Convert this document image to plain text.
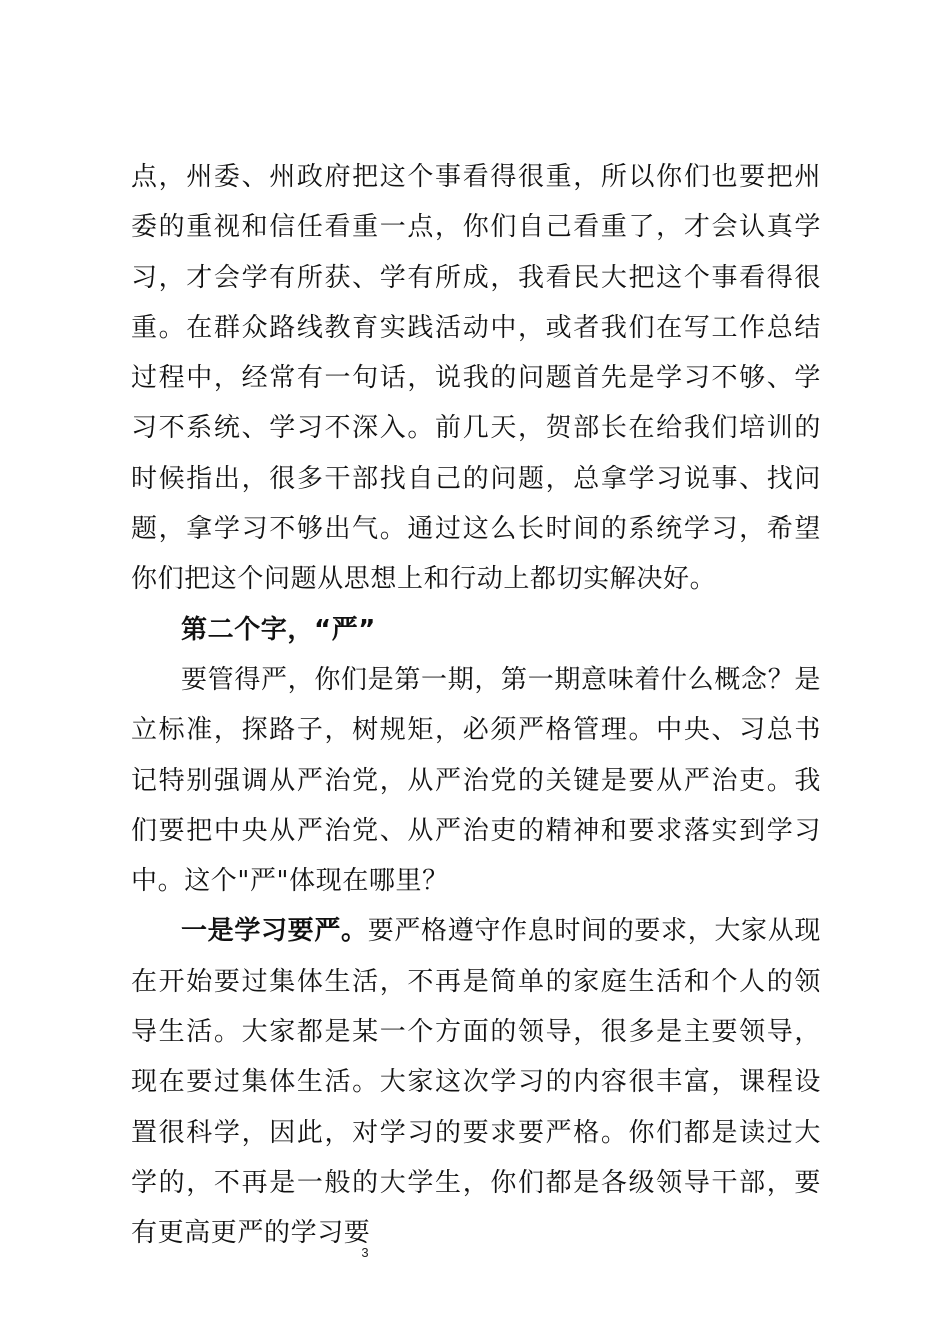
点，州委、州政府把这个事看得很重，所以你们也要把州委的重视和信任看重一点，你们自己看重了，才会认真学习，才会学有所获、学有所成，我看民大把这个事看得很重。在群众路线教育实践活动中，或者我们在写工作总结过程中，经常有一句话，说我的问题首先是学习不够、学习不系统、学习不深入。前几天，贺部长在给我们培训的时候指出，很多干部找自己的问题，总拿学习说事、找问题，拿学习不够出气。通过这么长时间的系统学习，希望你们把这个问题从思想上和行动上都切实解决好。

第二个字，“严”

要管得严，你们是第一期，第一期意味着什么概念？是立标准，探路子，树规矩，必须严格管理。中央、习总书记特别强调从严治党，从严治党的关键是要从严治吏。我们要把中央从严治党、从严治吏的精神和要求落实到学习中。这个"严"体现在哪里？

一是学习要严。要严格遵守作息时间的要求，大家从现在开始要过集体生活，不再是简单的家庭生活和个人的领导生活。大家都是某一个方面的领导，很多是主要领导，现在要过集体生活。大家这次学习的内容很丰富，课程设置很科学，因此，对学习的要求要严格。你们都是读过大学的，不再是一般的大学生，你们都是各级领导干部，要有更高更严的学习要

3
